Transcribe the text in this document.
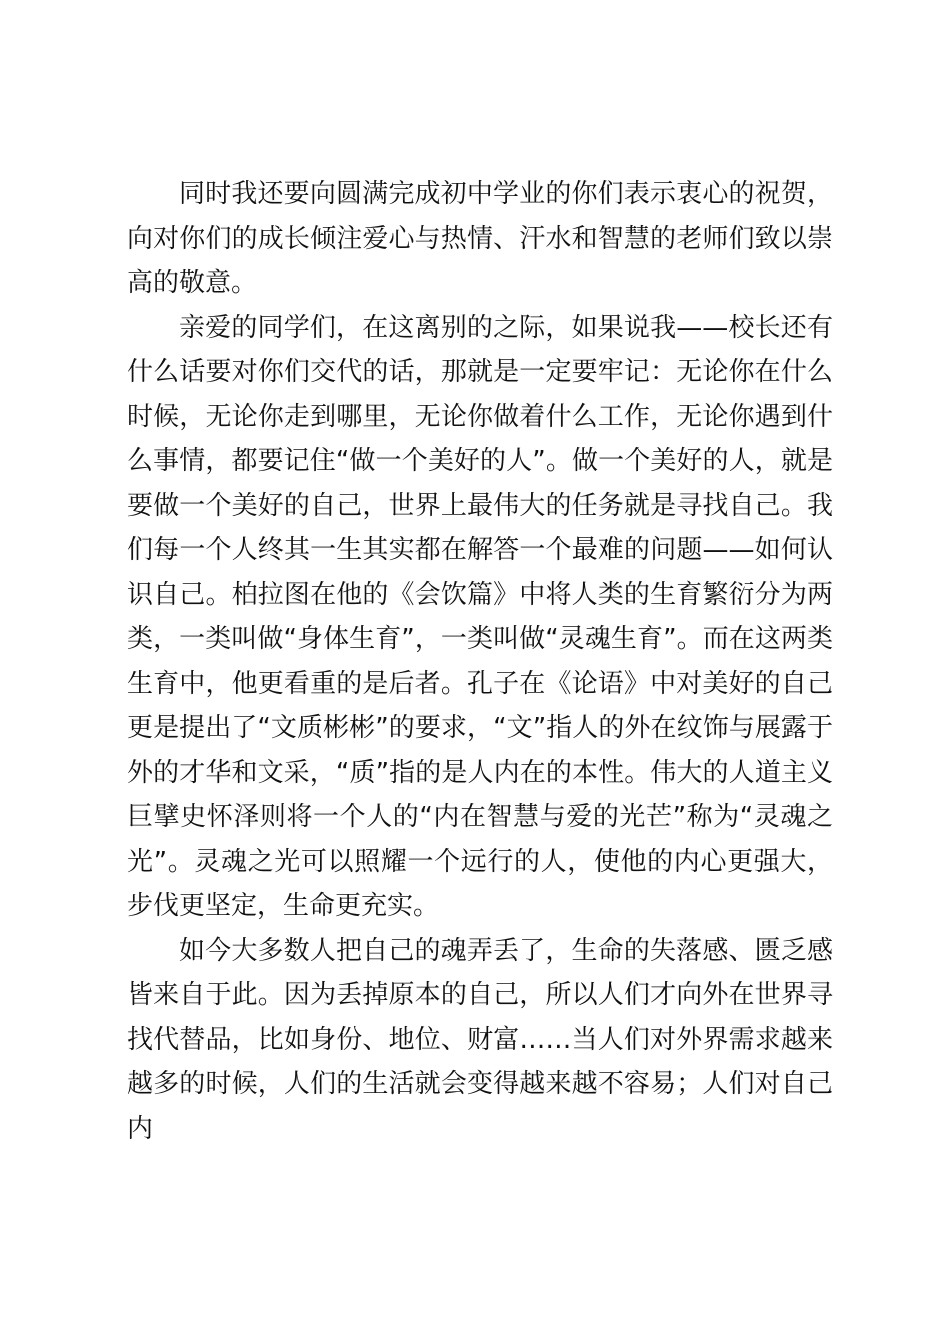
同时我还要向圆满完成初中学业的你们表示衷心的祝贺，向对你们的成长倾注爱心与热情、汗水和智慧的老师们致以崇高的敬意。

亲爱的同学们，在这离别的之际，如果说我——校长还有什么话要对你们交代的话，那就是一定要牢记：无论你在什么时候，无论你走到哪里，无论你做着什么工作，无论你遇到什么事情，都要记住“做一个美好的人”。做一个美好的人，就是要做一个美好的自己，世界上最伟大的任务就是寻找自己。我们每一个人终其一生其实都在解答一个最难的问题——如何认识自己。柏拉图在他的《会饮篇》中将人类的生育繁衍分为两类，一类叫做“身体生育”，一类叫做“灵魂生育”。而在这两类生育中，他更看重的是后者。孔子在《论语》中对美好的自己更是提出了“文质彬彬”的要求，“文”指人的外在纹饰与展露于外的才华和文采，“质”指的是人内在的本性。伟大的人道主义巨擘史怀泽则将一个人的“内在智慧与爱的光芒”称为“灵魂之光”。灵魂之光可以照耀一个远行的人，使他的内心更强大，步伐更坚定，生命更充实。

如今大多数人把自己的魂弄丢了，生命的失落感、匮乏感皆来自于此。因为丢掉原本的自己，所以人们才向外在世界寻找代替品，比如身份、地位、财富……当人们对外界需求越来越多的时候，人们的生活就会变得越来越不容易；人们对自己内
